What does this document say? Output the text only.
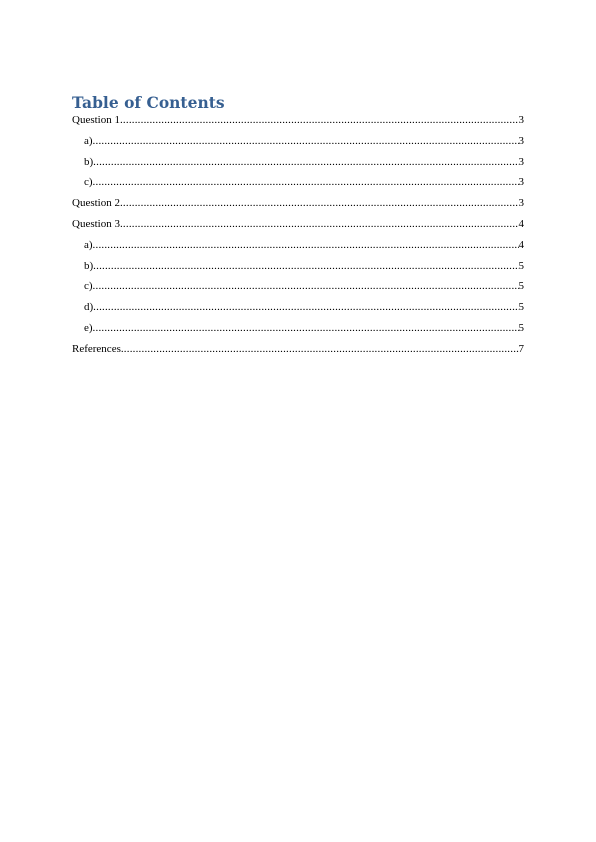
Table of Contents
Question 1 .....	3
a) .....	3
b) .....	3
c) .....	3
Question 2 .....	3
Question 3 .....	4
a) .....	4
b) .....	5
c) .....	5
d) .....	5
e) .....	5
References .....	7
